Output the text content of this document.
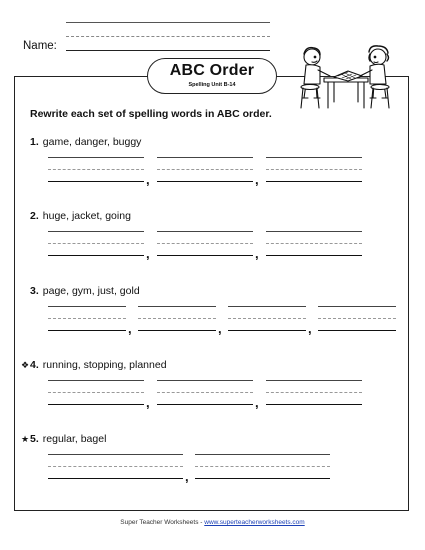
Name:
ABC Order
Spelling Unit B-14
Rewrite each set of spelling words in ABC order.
1. game, danger, buggy
,	,
2. huge, jacket, going
,	,
3. page, gym, just, gold
,	,	,
❖4. running, stopping, planned
,	,
★5. regular, bagel
,
Super Teacher Worksheets - www.superteacherworksheets.com
